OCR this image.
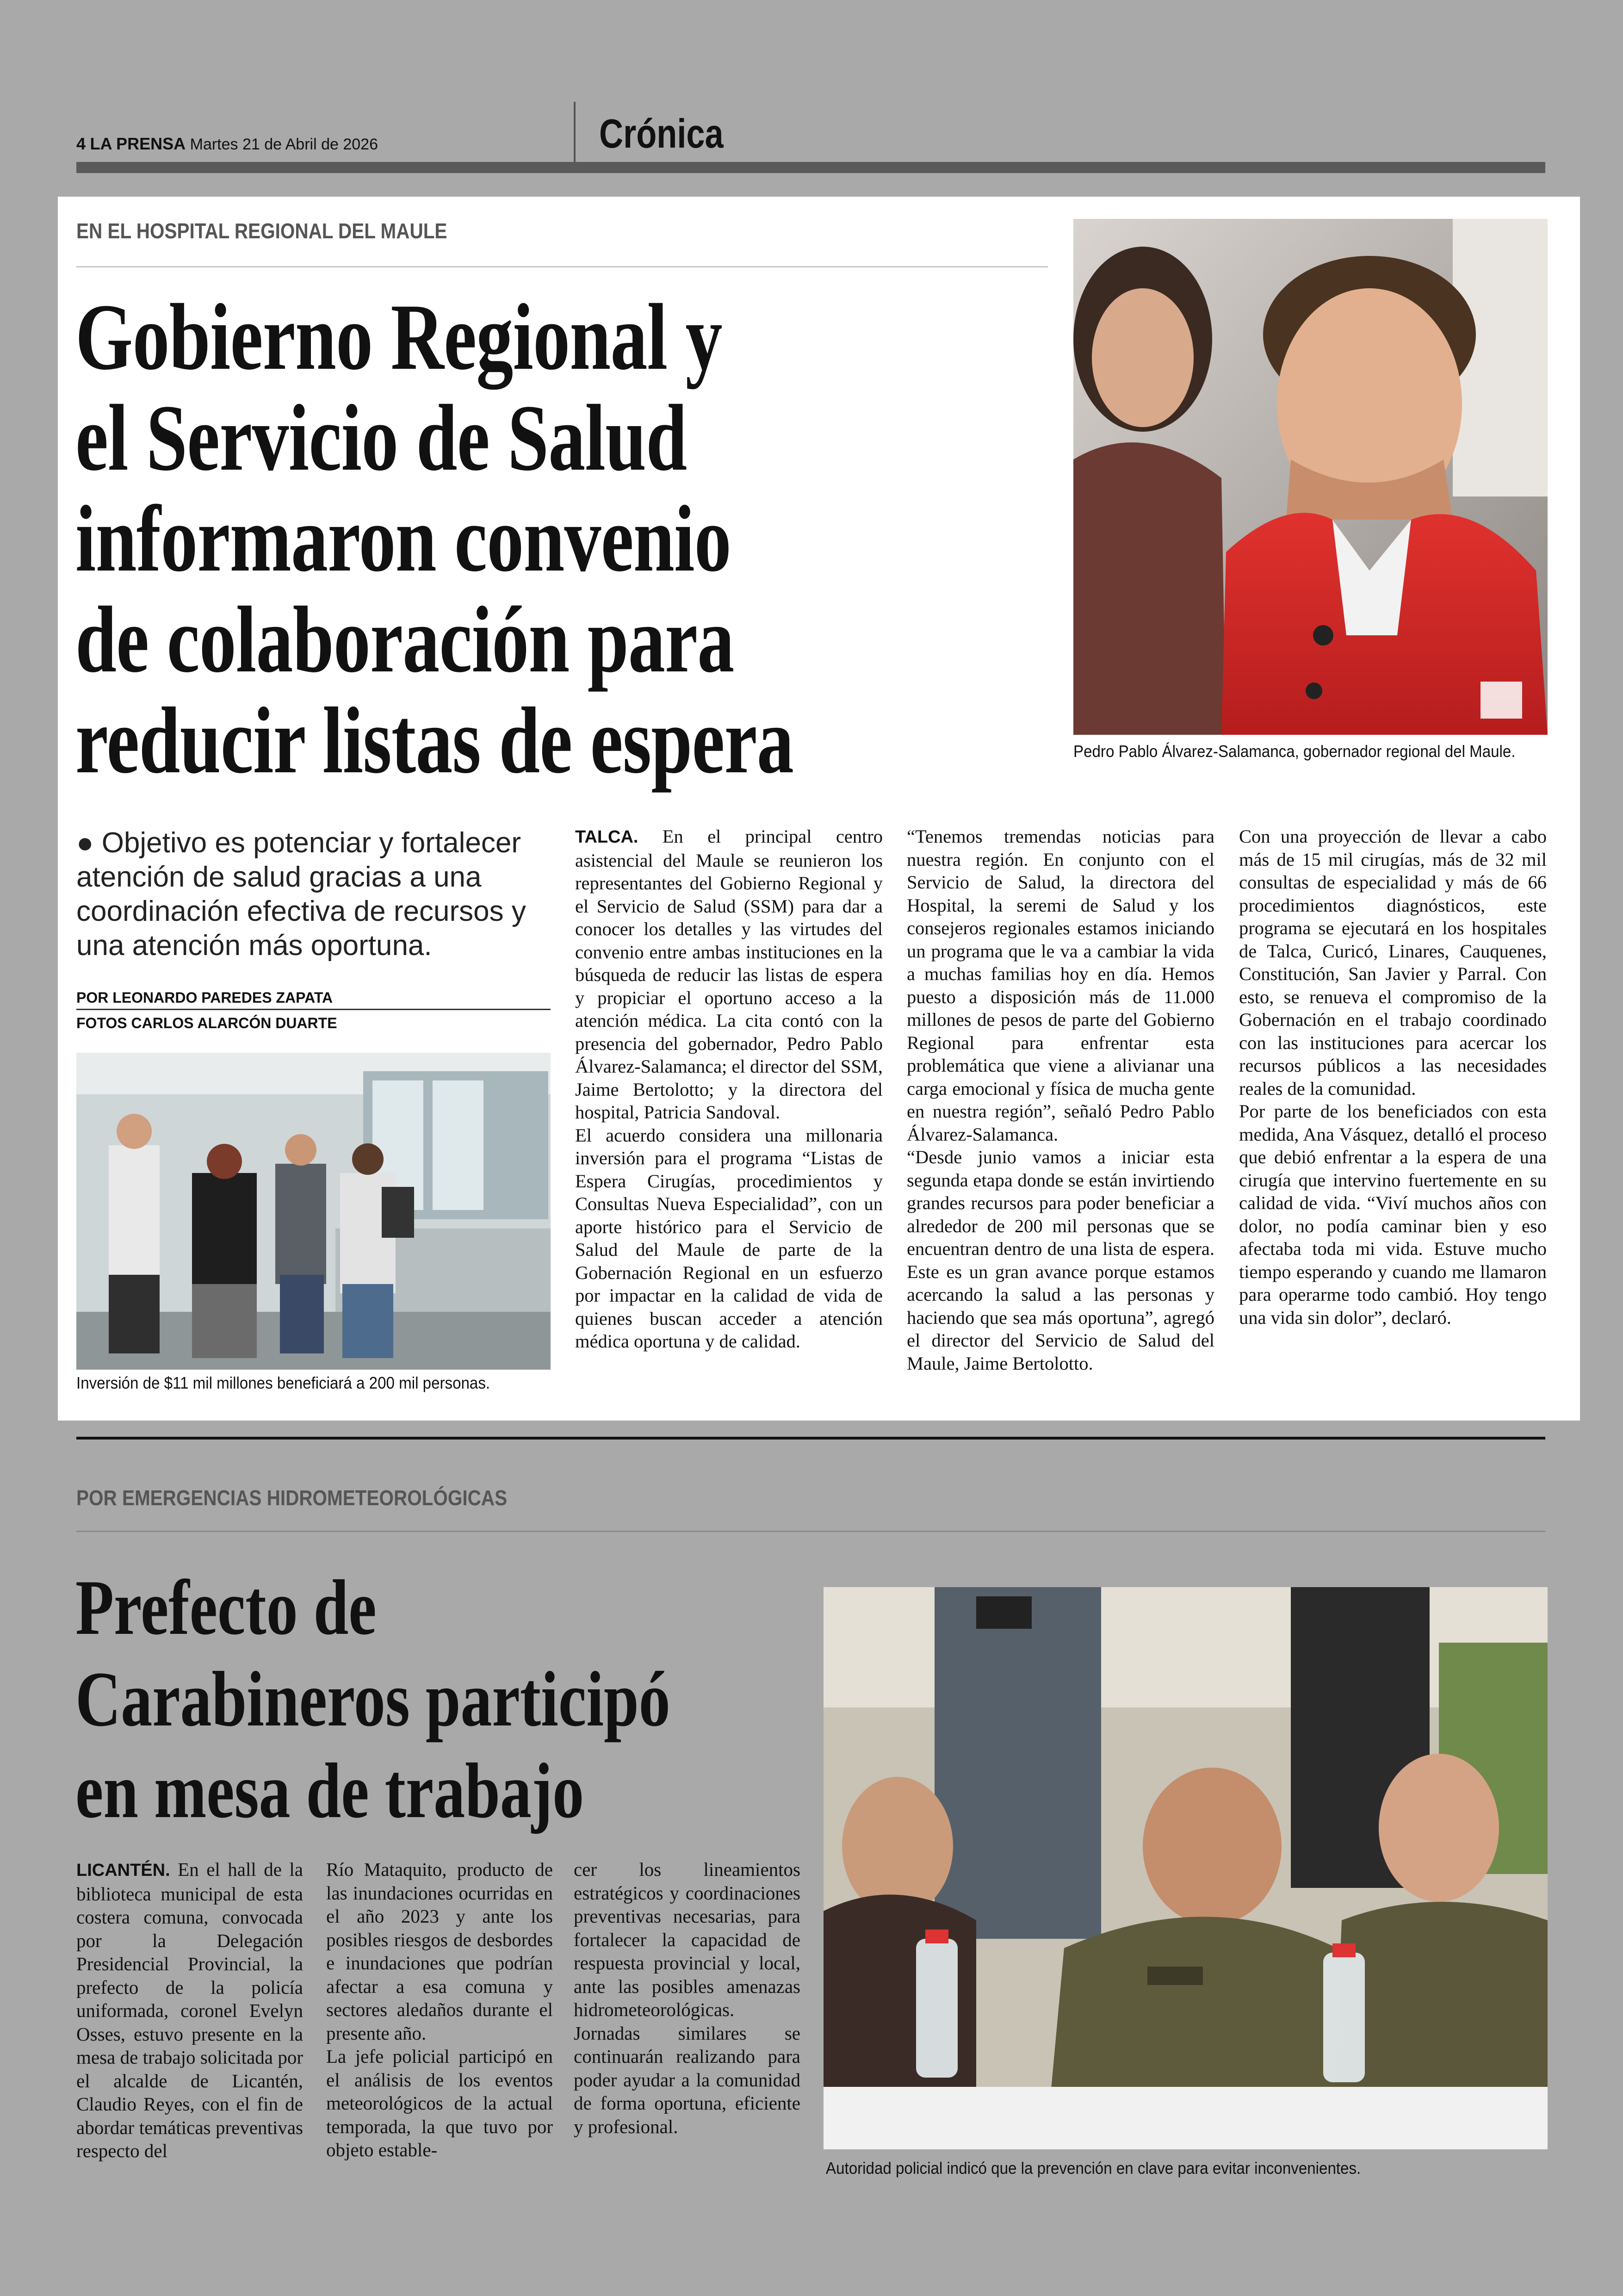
4 LA PRENSA Martes 21 de Abril de 2026	Crónica
EN EL HOSPITAL REGIONAL DEL MAULE
Gobierno Regional y
el Servicio de Salud
informaron convenio
de colaboración para
reducir listas de espera	Pedro Pablo Álvarez-Salamanca, gobernador regional del Maule.
● Objetivo es potenciar y fortalecer atención de salud gracias a una coordinación efectiva de recursos y una atención más oportuna.
POR LEONARDO PAREDES ZAPATA
FOTOS CARLOS ALARCÓN DUARTE
Inversión de $11 mil millones beneficiará a 200 mil personas.

TALCA. En el principal centro asistencial del Maule se reunieron los representantes del Gobierno Regional y el Servicio de Salud (SSM) para dar a conocer los detalles y las virtudes del convenio entre ambas instituciones en la búsqueda de reducir las listas de espera y propiciar el oportuno acceso a la atención médica. La cita contó con la presencia del gobernador, Pedro Pablo Álvarez-Salamanca; el director del SSM, Jaime Bertolotto; y la directora del hospital, Patricia Sandoval.

El acuerdo considera una millonaria inversión para el programa “Listas de Espera Cirugías, procedimientos y Consultas Nueva Especialidad”, con un aporte histórico para el Servicio de Salud del Maule de parte de la Gobernación Regional en un esfuerzo por impactar en la calidad de vida de quienes buscan acceder a atención médica oportuna y de calidad.

“Tenemos tremendas noticias para nuestra región. En conjunto con el Servicio de Salud, la directora del Hospital, la seremi de Salud y los consejeros regionales estamos iniciando un programa que le va a cambiar la vida a muchas familias hoy en día. Hemos puesto a disposición más de 11.000 millones de pesos de parte del Gobierno Regional para enfrentar esta problemática que viene a alivianar una carga emocional y física de mucha gente en nuestra región”, señaló Pedro Pablo Álvarez-Salamanca.

“Desde junio vamos a iniciar esta segunda etapa donde se están invirtiendo grandes recursos para poder beneficiar a alrededor de 200 mil personas que se encuentran dentro de una lista de espera. Este es un gran avance porque estamos acercando la salud a las personas y haciendo que sea más oportuna”, agregó el director del Servicio de Salud del Maule, Jaime Bertolotto.

Con una proyección de llevar a cabo más de 15 mil cirugías, más de 32 mil consultas de especialidad y más de 66 procedimientos diagnósticos, este programa se ejecutará en los hospitales de Talca, Curicó, Linares, Cauquenes, Constitución, San Javier y Parral. Con esto, se renueva el compromiso de la Gobernación en el trabajo coordinado con las instituciones para acercar los recursos públicos a las necesidades reales de la comunidad.

Por parte de los beneficiados con esta medida, Ana Vásquez, detalló el proceso que debió enfrentar a la espera de una cirugía que intervino fuertemente en su calidad de vida. “Viví muchos años con dolor, no podía caminar bien y eso afectaba toda mi vida. Estuve mucho tiempo esperando y cuando me llamaron para operarme todo cambió. Hoy tengo una vida sin dolor”, declaró.

POR EMERGENCIAS HIDROMETEOROLÓGICAS
Prefecto de
Carabineros participó
en mesa de trabajo

LICANTÉN. En el hall de la biblioteca municipal de esta costera comuna, convocada por la Delegación Presidencial Provincial, la prefecto de la policía uniformada, coronel Evelyn Osses, estuvo presente en la mesa de trabajo solicitada por el alcalde de Licantén, Claudio Reyes, con el fin de abordar temáticas preventivas respecto del

Río Mataquito, producto de las inundaciones ocurridas en el año 2023 y ante los posibles riesgos de desbordes e inundaciones que podrían afectar a esa comuna y sectores aledaños durante el presente año.

La jefe policial participó en el análisis de los eventos meteorológicos de la actual temporada, la que tuvo por objeto estable-

cer los lineamientos estratégicos y coordinaciones preventivas necesarias, para fortalecer la capacidad de respuesta provincial y local, ante las posibles amenazas hidrometeorológicas.

Jornadas similares se continuarán realizando para poder ayudar a la comunidad de forma oportuna, eficiente y profesional.

Autoridad policial indicó que la prevención en clave para evitar inconvenientes.
